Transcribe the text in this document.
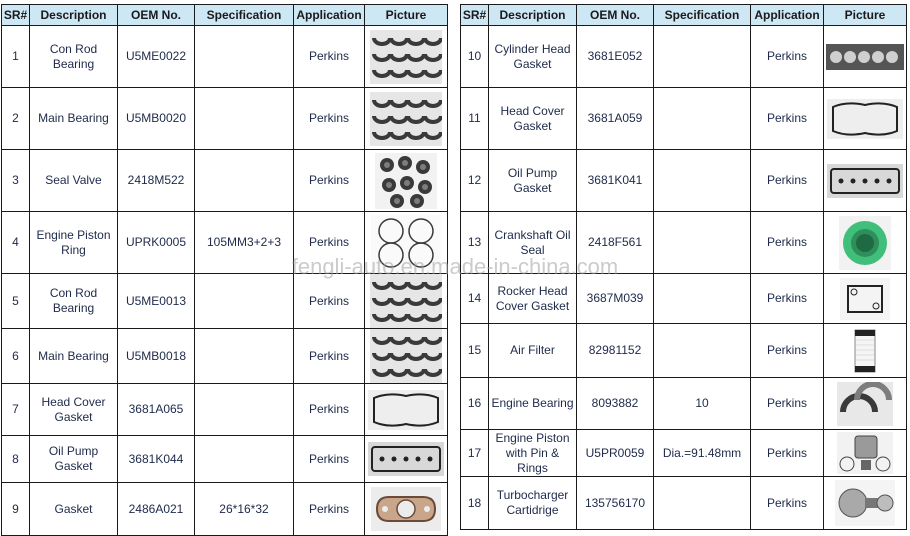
SR#	Description	OEM No.	Specification	Application	Picture
1	Con Rod Bearing	U5ME0022		Perkins	

2	Main Bearing	U5MB0020		Perkins	

3	Seal Valve	2418M522		Perkins	

4	Engine Piston Ring	UPRK0005	105MM3+2+3	Perkins	

5	Con Rod Bearing	U5ME0013		Perkins	

6	Main Bearing	U5MB0018		Perkins	

7	Head Cover Gasket	3681A065		Perkins	

8	Oil Pump Gasket	3681K044		Perkins	

9	Gasket	2486A021	26*16*32	Perkins	
SR#	Description	OEM No.	Specification	Application	Picture
10	Cylinder Head Gasket	3681E052		Perkins	

11	Head Cover Gasket	3681A059		Perkins	

12	Oil Pump Gasket	3681K041		Perkins	

13	Crankshaft Oil Seal	2418F561		Perkins	

14	Rocker Head Cover Gasket	3687M039		Perkins	

15	Air Filter	82981152		Perkins	

16	Engine Bearing	8093882	10	Perkins	

17	Engine Piston with Pin & Rings	U5PR0059	Dia.=91.48mm	Perkins	

18	Turbocharger Cartidrige	135756170		Perkins	
fengli-auto.en.made-in-china.com
